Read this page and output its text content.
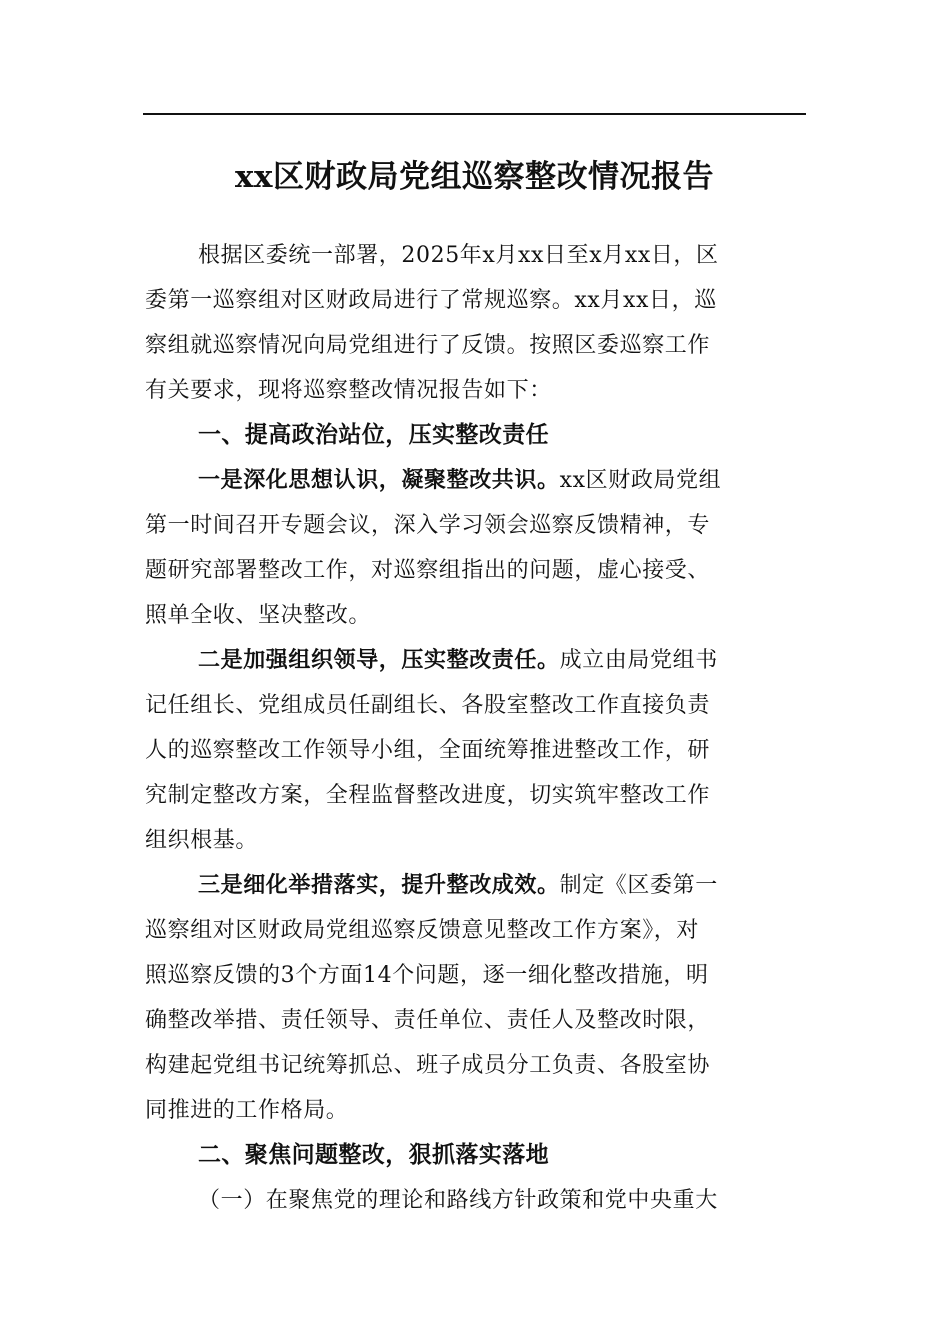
xx区财政局党组巡察整改情况报告
根据区委统一部署，2025年x月xx日至x月xx日，区
委第一巡察组对区财政局进行了常规巡察。xx月xx日，巡
察组就巡察情况向局党组进行了反馈。按照区委巡察工作
有关要求，现将巡察整改情况报告如下：
一、提高政治站位，压实整改责任
一是深化思想认识，凝聚整改共识。xx区财政局党组
第一时间召开专题会议，深入学习领会巡察反馈精神，专
题研究部署整改工作，对巡察组指出的问题，虚心接受、
照单全收、坚决整改。
二是加强组织领导，压实整改责任。成立由局党组书
记任组长、党组成员任副组长、各股室整改工作直接负责
人的巡察整改工作领导小组，全面统筹推进整改工作，研
究制定整改方案，全程监督整改进度，切实筑牢整改工作
组织根基。
三是细化举措落实，提升整改成效。制定《区委第一
巡察组对区财政局党组巡察反馈意见整改工作方案》，对
照巡察反馈的3个方面14个问题，逐一细化整改措施，明
确整改举措、责任领导、责任单位、责任人及整改时限，
构建起党组书记统筹抓总、班子成员分工负责、各股室协
同推进的工作格局。
二、聚焦问题整改，狠抓落实落地
（一）在聚焦党的理论和路线方针政策和党中央重大
